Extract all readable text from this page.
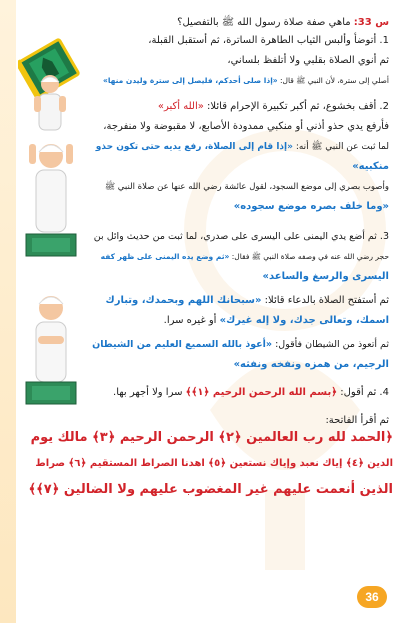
س 33: ماهي صفة صلاة رسول الله ﷺ بالتفصيل؟
1. أتوضأ وألبس الثياب الطاهرة الساترة، ثم أستقبل القبلة،
ثم أنوي الصلاة بقلبي ولا أتلفظ بلساني،
أصلي إلى سترة، لأن النبي ﷺ قال: «إذا صلى أحدكم، فليصل إلى سترة وليدن منها»
2. أقف بخشوع، ثم أكبر تكبيرة الإحرام قائلا: «الله أكبر»
فأرفع يدي حذو أذني أو منكبي ممدودة الأصابع، لا مقبوضة ولا منفرجة،
لما ثبت عن النبي ﷺ أنه: «إذا قام إلى الصلاة، رفع يديه حتى تكون حذو
منكبيه»
وأصوب بصري إلى موضع السجود، لقول عائشة رضي الله عنها عن صلاة النبي ﷺ
«وما خلف بصره موضع سجوده»
3. ثم أضع يدي اليمنى على اليسرى على صدري، لما ثبت من حديث وائل بن
حجر رضي الله عنه في وصفه صلاة النبي ﷺ فقال: «ثم وضع يده اليمنى على ظهر كفه
اليسرى والرسغ والساعد»
ثم أستفتح الصلاة بالدعاء قائلا: «سبحانك اللهم وبحمدك، وتبارك
اسمك، وتعالى جدك، ولا إله غيرك» أو غيره سرا.
ثم أتعوذ من الشيطان فأقول: «أعوذ بالله السميع العليم من الشيطان
الرجيم، من همزه ونفخه ونفثه»
4. ثم أقول: ﴿بسم الله الرحمن الرحيم ﴿١﴾﴾ سرا ولا أجهر بها.
ثم أقرأ الفاتحة:
﴿الحمد لله رب العالمين ﴿٢﴾ الرحمن الرحيم ﴿٣﴾ مالك يوم
الدين ﴿٤﴾ إياك نعبد وإياك نستعين ﴿٥﴾ اهدنا الصراط المستقيم ﴿٦﴾ صراط
الذين أنعمت عليهم غير المغضوب عليهم ولا الضالين ﴿٧﴾﴾
36
